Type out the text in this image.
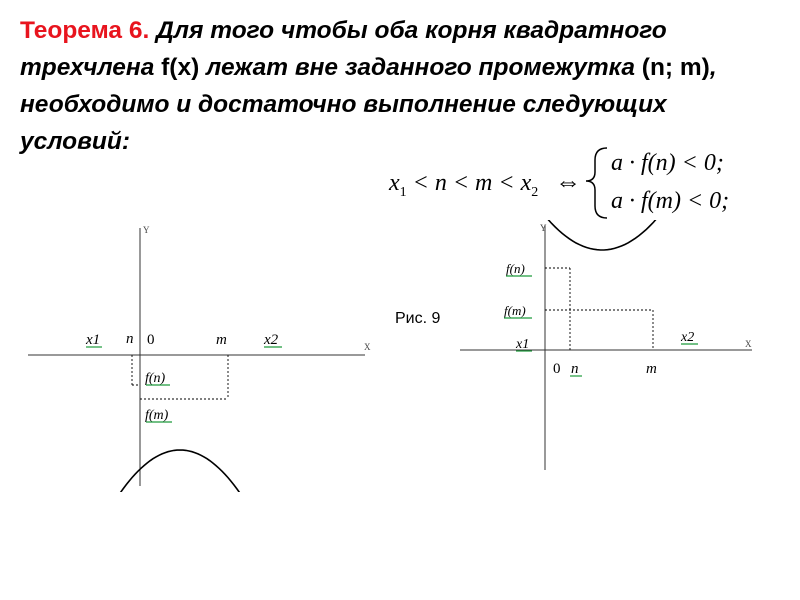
Теорема 6. Для того чтобы оба корня квадратного трехчлена f(x) лежат вне заданного промежутка (n; m), необходимо и достаточно выполнение следующих условий:

$x_1 < n < m < x_2$ ⇔
a · f(n) < 0;
a · f(m) < 0;
Рис. 9
X
Y
x1 n 0	m x2
f(n)
f(m)
X
Y
f(n)
f(m)
x1	x2
0 n	m
